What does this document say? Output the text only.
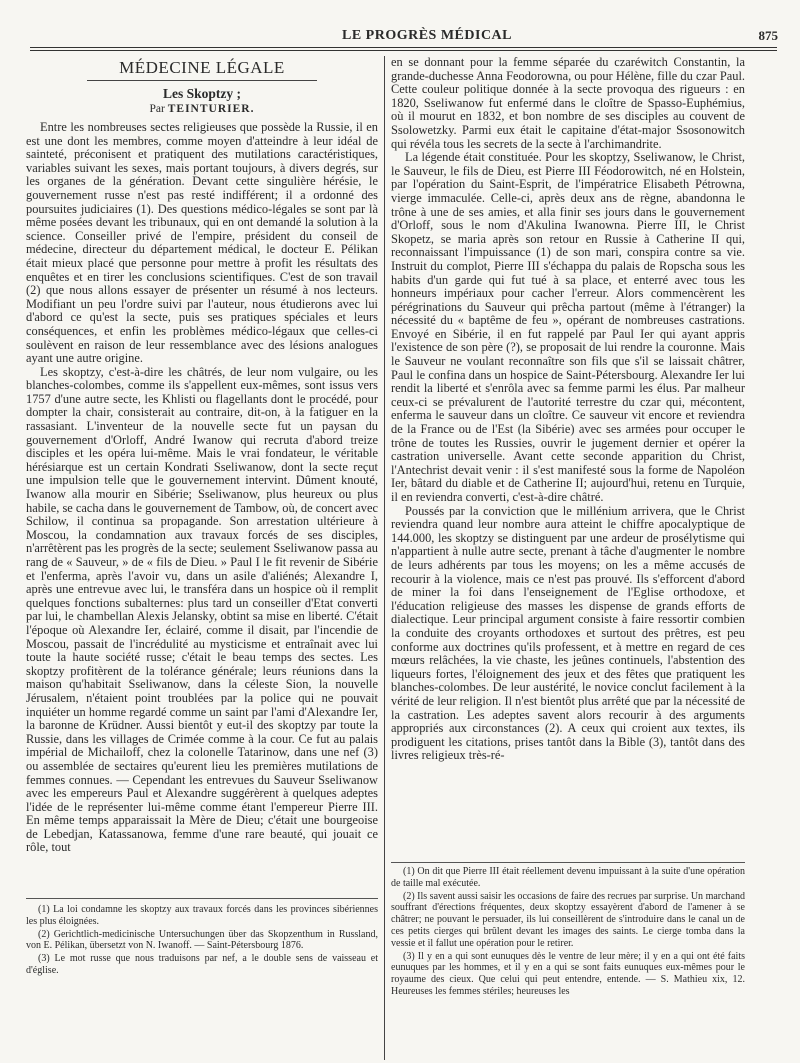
LE PROGRÈS MÉDICAL	875
MÉDECINE LÉGALE
Les Skoptzy ;
Par TEINTURIER.

Entre les nombreuses sectes religieuses que possède la Russie, il en est une dont les membres, comme moyen d'atteindre à leur idéal de sainteté, préconisent et pratiquent des mutilations caractéristiques, variables suivant les sexes, mais portant toujours, à divers degrés, sur les organes de la génération. Devant cette singulière hérésie, le gouvernement russe n'est pas resté indifférent; il a ordonné des poursuites judiciaires (1). Des questions médico-légales se sont par là même posées devant les tribunaux, qui en ont demandé la solution à la science. Conseiller privé de l'empire, président du conseil de médecine, directeur du département médical, le docteur E. Pélikan était mieux placé que personne pour mettre à profit les résultats des enquêtes et en tirer les conclusions scientifiques. C'est de son travail (2) que nous allons essayer de présenter un résumé à nos lecteurs. Modifiant un peu l'ordre suivi par l'auteur, nous étudierons avec lui d'abord ce qu'est la secte, puis ses pratiques spéciales et leurs conséquences, et enfin les problèmes médico-légaux que celles-ci soulèvent en raison de leur ressemblance avec des lésions analogues ayant une autre origine.

Les skoptzy, c'est-à-dire les châtrés, de leur nom vulgaire, ou les blanches-colombes, comme ils s'appellent eux-mêmes, sont issus vers 1757 d'une autre secte, les Khlisti ou flagellants dont le procédé, pour dompter la chair, consisterait au contraire, dit-on, à la fatiguer en la rassasiant. L'inventeur de la nouvelle secte fut un paysan du gouvernement d'Orloff, André Iwanow qui recruta d'abord treize disciples et les opéra lui-même. Mais le vrai fondateur, le véritable hérésiarque est un certain Kondrati Sseliwanow, dont la secte reçut une impulsion telle que le gouvernement intervint. Dûment knouté, Iwanow alla mourir en Sibérie; Sseliwanow, plus heureux ou plus habile, se cacha dans le gouvernement de Tambow, où, de concert avec Schilow, il continua sa propagande. Son arrestation ultérieure à Moscou, la condamnation aux travaux forcés de ses disciples, n'arrêtèrent pas les progrès de la secte; seulement Sseliwanow passa au rang de « Sauveur, » de « fils de Dieu. » Paul I le fit revenir de Sibérie et l'enferma, après l'avoir vu, dans un asile d'aliénés; Alexandre I, après une entrevue avec lui, le transféra dans un hospice où il remplit quelques fonctions subalternes: plus tard un conseiller d'Etat converti par lui, le chambellan Alexis Jelansky, obtint sa mise en liberté. C'était l'époque où Alexandre Ier, éclairé, comme il disait, par l'incendie de Moscou, passait de l'incrédulité au mysticisme et entraînait avec lui toute la haute société russe; c'était le beau temps des sectes. Les skoptzy profitèrent de la tolérance générale; leurs réunions dans la maison qu'habitait Sseliwanow, dans la céleste Sion, la nouvelle Jérusalem, n'étaient point troublées par la police qui ne pouvait inquiéter un homme regardé comme un saint par l'ami d'Alexandre Ier, la baronne de Krüdner. Aussi bientôt y eut-il des skoptzy par toute la Russie, dans les villages de Crimée comme à la cour. Ce fut au palais impérial de Michailoff, chez la colonelle Tatarinow, dans une nef (3) ou assemblée de sectaires qu'eurent lieu les premières mutilations de femmes connues. — Cependant les entrevues du Sauveur Sseliwanow avec les empereurs Paul et Alexandre suggérèrent à quelques adeptes l'idée de le représenter lui-même comme étant l'empereur Pierre III. En même temps apparaissait la Mère de Dieu; c'était une bourgeoise de Lebedjan, Katassanowa, femme d'une rare beauté, qui jouait ce rôle, tout

en se donnant pour la femme séparée du czaréwitch Constantin, la grande-duchesse Anna Feodorowna, ou pour Hélène, fille du czar Paul. Cette couleur politique donnée à la secte provoqua des rigueurs : en 1820, Sseliwanow fut enfermé dans le cloître de Spasso-Euphémius, où il mourut en 1832, et bon nombre de ses disciples au couvent de Ssolowetzky. Parmi eux était le capitaine d'état-major Ssosonowitch qui révéla tous les secrets de la secte à l'archimandrite.

La légende était constituée. Pour les skoptzy, Sseliwanow, le Christ, le Sauveur, le fils de Dieu, est Pierre III Féodorowitch, né en Holstein, par l'opération du Saint-Esprit, de l'impératrice Elisabeth Pétrowna, vierge immaculée. Celle-ci, après deux ans de règne, abandonna le trône à une de ses amies, et alla finir ses jours dans le gouvernement d'Orloff, sous le nom d'Akulina Iwanowna. Pierre III, le Christ Skopetz, se maria après son retour en Russie à Catherine II qui, reconnaissant l'impuissance (1) de son mari, conspira contre sa vie. Instruit du complot, Pierre III s'échappa du palais de Ropscha sous les habits d'un garde qui fut tué à sa place, et enterré avec tous les honneurs impériaux pour cacher l'erreur. Alors commencèrent les pérégrinations du Sauveur qui prêcha partout (même à l'étranger) la nécessité du « baptême de feu », opérant de nombreuses castrations. Envoyé en Sibérie, il en fut rappelé par Paul Ier qui ayant appris l'existence de son père (?), se proposait de lui rendre la couronne. Mais le Sauveur ne voulant reconnaître son fils que s'il se laissait châtrer, Paul le confina dans un hospice de Saint-Pétersbourg. Alexandre Ier lui rendit la liberté et s'enrôla avec sa femme parmi les élus. Par malheur ceux-ci se prévalurent de l'autorité terrestre du czar qui, mécontent, enferma le sauveur dans un cloître. Ce sauveur vit encore et reviendra de la France ou de l'Est (la Sibérie) avec ses armées pour occuper le trône de toutes les Russies, ouvrir le jugement dernier et opérer la castration universelle. Avant cette seconde apparition du Christ, l'Antechrist devait venir : il s'est manifesté sous la forme de Napoléon Ier, bâtard du diable et de Catherine II; aujourd'hui, retenu en Turquie, il en reviendra converti, c'est-à-dire châtré.

Poussés par la conviction que le millénium arrivera, que le Christ reviendra quand leur nombre aura atteint le chiffre apocalyptique de 144.000, les skoptzy se distinguent par une ardeur de prosélytisme qui n'appartient à nulle autre secte, prenant à tâche d'augmenter le nombre de leurs adhérents par tous les moyens; on les a même accusés de recourir à la violence, mais ce n'est pas prouvé. Ils s'efforcent d'abord de miner la foi dans l'enseignement de l'Eglise orthodoxe, et l'éducation religieuse des masses les dispense de grands efforts de dialectique. Leur principal argument consiste à faire ressortir combien la conduite des croyants orthodoxes et surtout des prêtres, est peu conforme aux doctrines qu'ils professent, et à mettre en regard de ces mœurs relâchées, la vie chaste, les jeûnes continuels, l'abstention des liqueurs fortes, l'éloignement des jeux et des fêtes que pratiquent les blanches-colombes. De leur austérité, le novice conclut facilement à la vérité de leur religion. Il n'est bientôt plus arrêté que par la nécessité de la castration. Les adeptes savent alors recourir à des arguments appropriés aux circonstances (2). A ceux qui croient aux textes, ils prodiguent les citations, prises tantôt dans la Bible (3), tantôt dans des livres religieux très-ré-

(1) La loi condamne les skoptzy aux travaux forcés dans les provinces sibériennes les plus éloignées.

(2) Gerichtlich-medicinische Untersuchungen über das Skopzenthum in Russland, von E. Pélikan, übersetzt von N. Iwanoff. — Saint-Pétersbourg 1876.

(3) Le mot russe que nous traduisons par nef, a le double sens de vaisseau et d'église.

(1) On dit que Pierre III était réellement devenu impuissant à la suite d'une opération de taille mal exécutée.

(2) Ils savent aussi saisir les occasions de faire des recrues par surprise. Un marchand souffrant d'érections fréquentes, deux skoptzy essayèrent d'abord de l'amener à se châtrer; ne pouvant le persuader, ils lui conseillèrent de s'introduire dans le canal un de ces petits cierges qui brûlent devant les images des saints. Le cierge tomba dans la vessie et il fallut une opération pour le retirer.

(3) Il y en a qui sont eunuques dès le ventre de leur mère; il y en a qui ont été faits eunuques par les hommes, et il y en a qui se sont faits eunuques eux-mêmes pour le royaume des cieux. Que celui qui peut entendre, entende. — S. Mathieu xix, 12. Heureuses les femmes stériles; heureuses les
